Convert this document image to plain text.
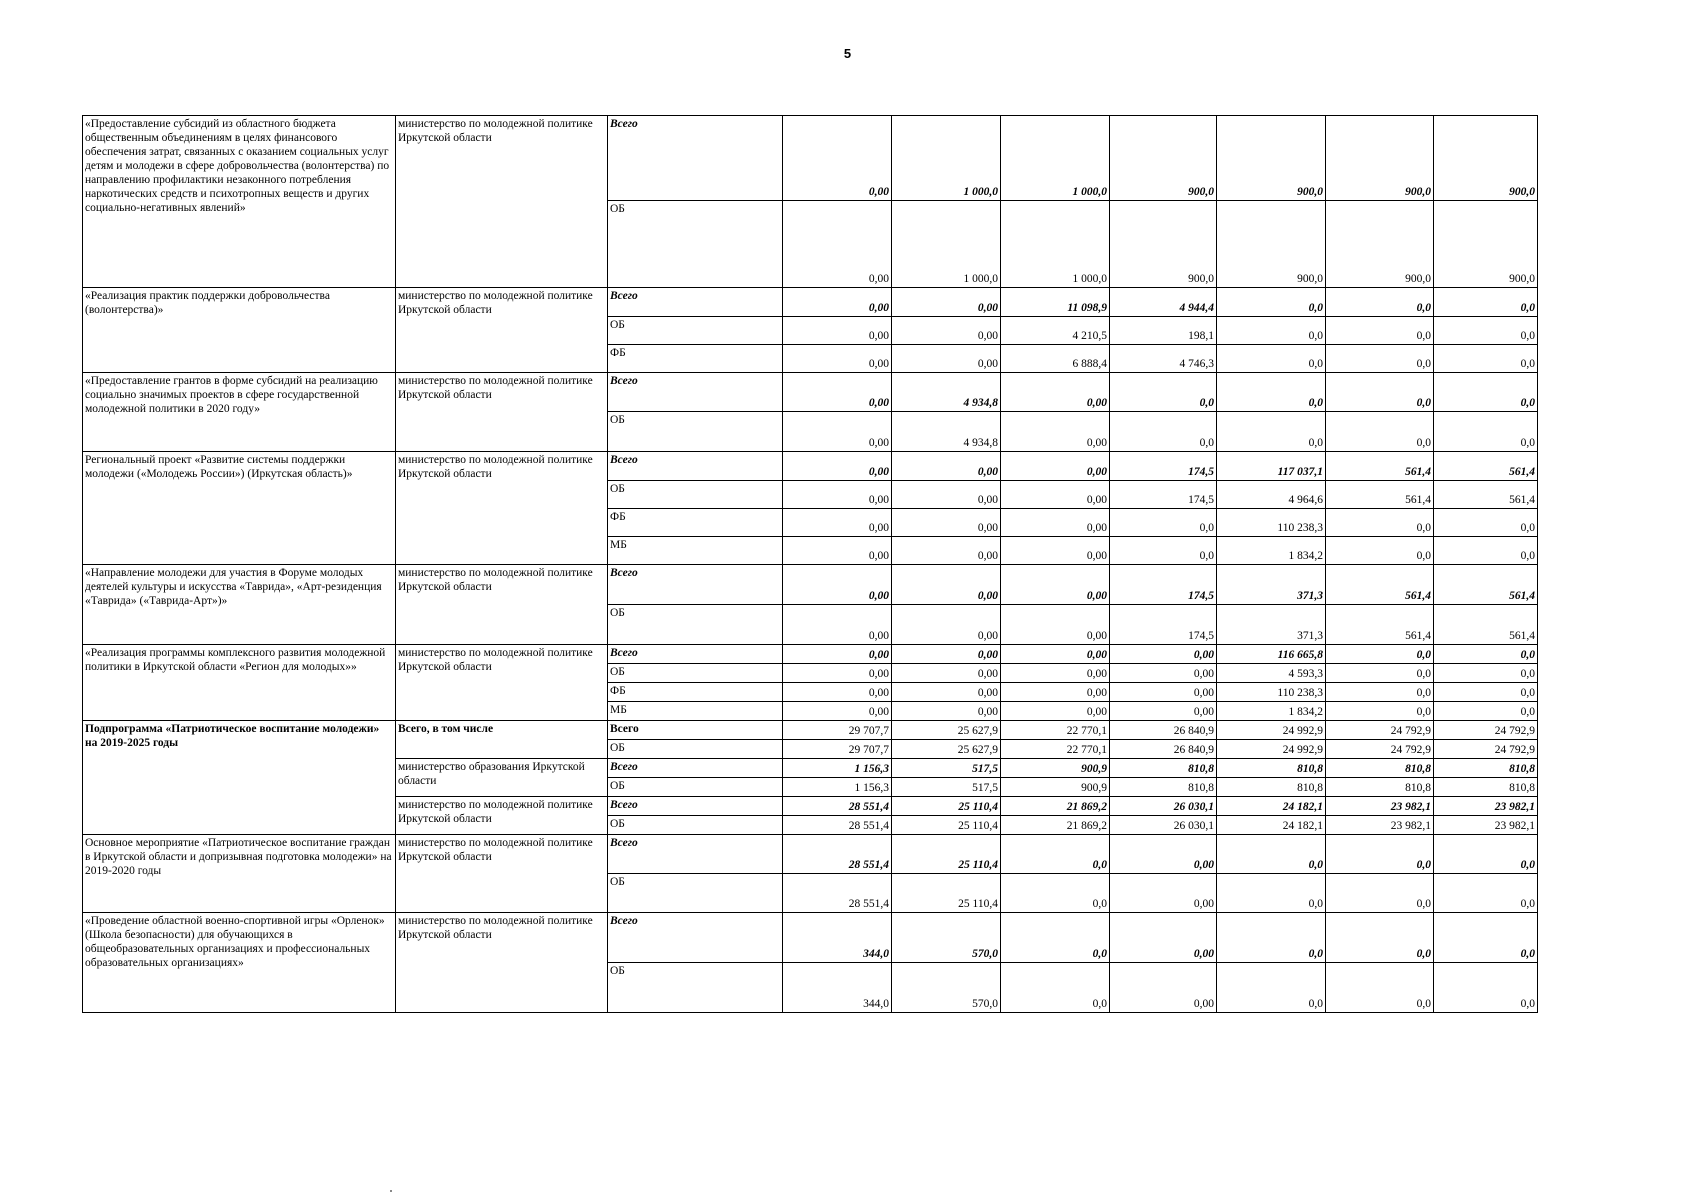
5
«Предоставление субсидий из областного бюджета общественным объединениям в целях финансового обеспечения затрат, связанных с оказанием социальных услуг детям и молодежи в сфере добровольчества (волонтерства) по направлению профилактики незаконного потребления наркотических средств и психотропных веществ и других социально-негативных явлений»	министерство по молодежной политике Иркутской области	Всего	0,00	1 000,0	1 000,0	900,0	900,0	900,0	900,0
		ОБ	0,00	1 000,0	1 000,0	900,0	900,0	900,0	900,0
«Реализация практик поддержки добровольчества (волонтерства)»	министерство по молодежной политике Иркутской области	Всего	0,00	0,00	11 098,9	4 944,4	0,0	0,0	0,0
		ОБ	0,00	0,00	4 210,5	198,1	0,0	0,0	0,0
		ФБ	0,00	0,00	6 888,4	4 746,3	0,0	0,0	0,0
«Предоставление грантов в форме субсидий на реализацию социально значимых проектов в сфере государственной молодежной политики в 2020 году»	министерство по молодежной политике Иркутской области	Всего	0,00	4 934,8	0,00	0,0	0,0	0,0	0,0
		ОБ	0,00	4 934,8	0,00	0,0	0,0	0,0	0,0
Региональный проект «Развитие системы поддержки молодежи («Молодежь России») (Иркутская область)»	министерство по молодежной политике Иркутской области	Всего	0,00	0,00	0,00	174,5	117 037,1	561,4	561,4
		ОБ	0,00	0,00	0,00	174,5	4 964,6	561,4	561,4
		ФБ	0,00	0,00	0,00	0,0	110 238,3	0,0	0,0
		МБ	0,00	0,00	0,00	0,0	1 834,2	0,0	0,0
«Направление молодежи для участия в Форуме молодых деятелей культуры и искусства «Таврида», «Арт-резиденция «Таврида» («Таврида-Арт»)»	министерство по молодежной политике Иркутской области	Всего	0,00	0,00	0,00	174,5	371,3	561,4	561,4
		ОБ	0,00	0,00	0,00	174,5	371,3	561,4	561,4
«Реализация программы комплексного развития молодежной политики в Иркутской области «Регион для молодых»»	министерство по молодежной политике Иркутской области	Всего	0,00	0,00	0,00	0,00	116 665,8	0,0	0,0
		ОБ	0,00	0,00	0,00	0,00	4 593,3	0,0	0,0
		ФБ	0,00	0,00	0,00	0,00	110 238,3	0,0	0,0
		МБ	0,00	0,00	0,00	0,00	1 834,2	0,0	0,0
Подпрограмма «Патриотическое воспитание молодежи» на 2019-2025 годы	Всего, в том числе	Всего	29 707,7	25 627,9	22 770,1	26 840,9	24 992,9	24 792,9	24 792,9
		ОБ	29 707,7	25 627,9	22 770,1	26 840,9	24 992,9	24 792,9	24 792,9
	министерство образования Иркутской области	Всего	1 156,3	517,5	900,9	810,8	810,8	810,8	810,8
		ОБ	1 156,3	517,5	900,9	810,8	810,8	810,8	810,8
	министерство по молодежной политике Иркутской области	Всего	28 551,4	25 110,4	21 869,2	26 030,1	24 182,1	23 982,1	23 982,1
		ОБ	28 551,4	25 110,4	21 869,2	26 030,1	24 182,1	23 982,1	23 982,1
Основное мероприятие «Патриотическое воспитание граждан в Иркутской области и допризывная подготовка молодежи» на 2019-2020 годы	министерство по молодежной политике Иркутской области	Всего	28 551,4	25 110,4	0,0	0,00	0,0	0,0	0,0
		ОБ	28 551,4	25 110,4	0,0	0,00	0,0	0,0	0,0
«Проведение областной военно-спортивной игры «Орленок» (Школа безопасности) для обучающихся в общеобразовательных организациях и профессиональных образовательных организациях»	министерство по молодежной политике Иркутской области	Всего	344,0	570,0	0,0	0,00	0,0	0,0	0,0
		ОБ	344,0	570,0	0,0	0,00	0,0	0,0	0,0
